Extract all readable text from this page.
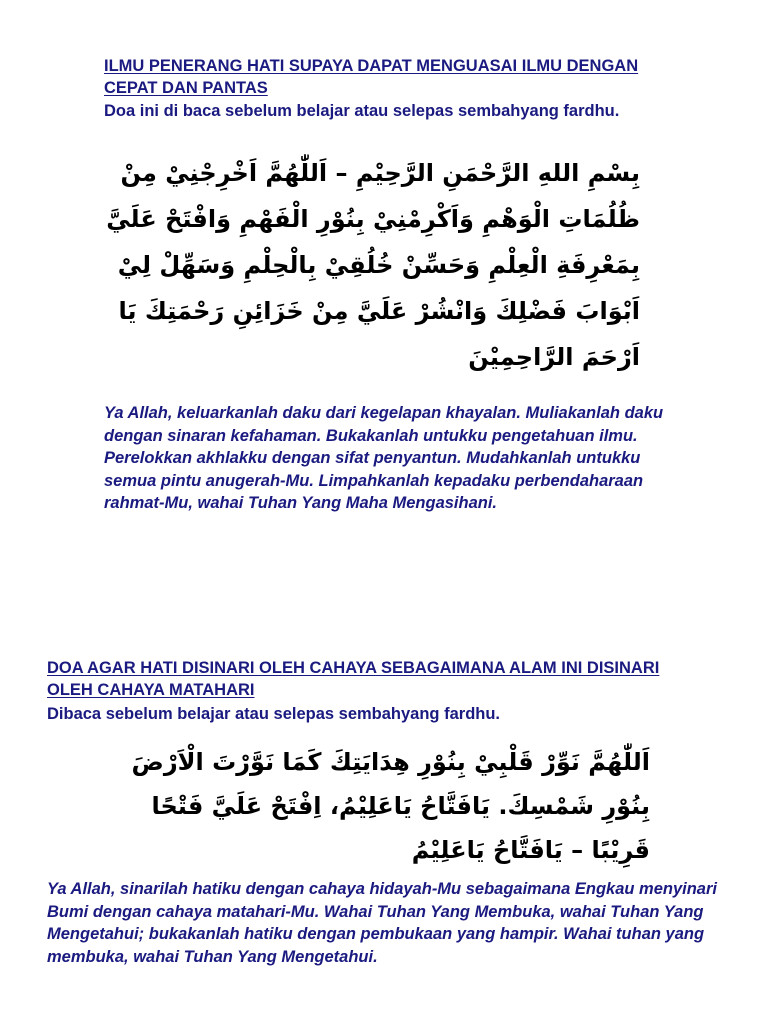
ILMU PENERANG HATI SUPAYA DAPAT MENGUASAI ILMU DENGAN CEPAT DAN PANTAS

Doa ini di baca sebelum belajar atau selepas sembahyang fardhu.

بِسْمِ اللهِ الرَّحْمَنِ الرَّحِيْمِ – اَللّٰهُمَّ اَخْرِجْنِيْ مِنْ ظُلُمَاتِ الْوَهْمِ وَاَكْرِمْنِيْ بِنُوْرِ الْفَهْمِ وَافْتَحْ عَلَيَّ بِمَعْرِفَةِ الْعِلْمِ وَحَسِّنْ خُلُقِيْ بِالْحِلْمِ وَسَهِّلْ لِيْ اَبْوَابَ فَضْلِكَ وَانْشُرْ عَلَيَّ مِنْ خَزَائِنِ رَحْمَتِكَ يَا اَرْحَمَ الرَّاحِمِيْنَ

Ya Allah, keluarkanlah daku dari kegelapan khayalan. Muliakanlah daku dengan sinaran kefahaman. Bukakanlah untukku pengetahuan ilmu. Perelokkan akhlakku dengan sifat penyantun. Mudahkanlah untukku semua pintu anugerah-Mu. Limpahkanlah kepadaku perbendaharaan rahmat-Mu, wahai Tuhan Yang Maha Mengasihani.

DOA AGAR HATI DISINARI OLEH CAHAYA SEBAGAIMANA ALAM INI DISINARI OLEH CAHAYA MATAHARI

Dibaca sebelum belajar atau selepas sembahyang fardhu.

اَللّٰهُمَّ نَوِّرْ قَلْبِيْ بِنُوْرِ هِدَايَتِكَ كَمَا نَوَّرْتَ الْاَرْضَ بِنُوْرِ شَمْسِكَ. يَافَتَّاحُ يَاعَلِيْمُ، اِفْتَحْ عَلَيَّ فَتْحًا قَرِيْبًا – يَافَتَّاحُ يَاعَلِيْمُ

Ya Allah, sinarilah hatiku dengan cahaya hidayah-Mu sebagaimana Engkau menyinari Bumi dengan cahaya matahari-Mu. Wahai Tuhan Yang Membuka, wahai Tuhan Yang Mengetahui; bukakanlah hatiku dengan pembukaan yang hampir. Wahai tuhan yang membuka, wahai Tuhan Yang Mengetahui.
